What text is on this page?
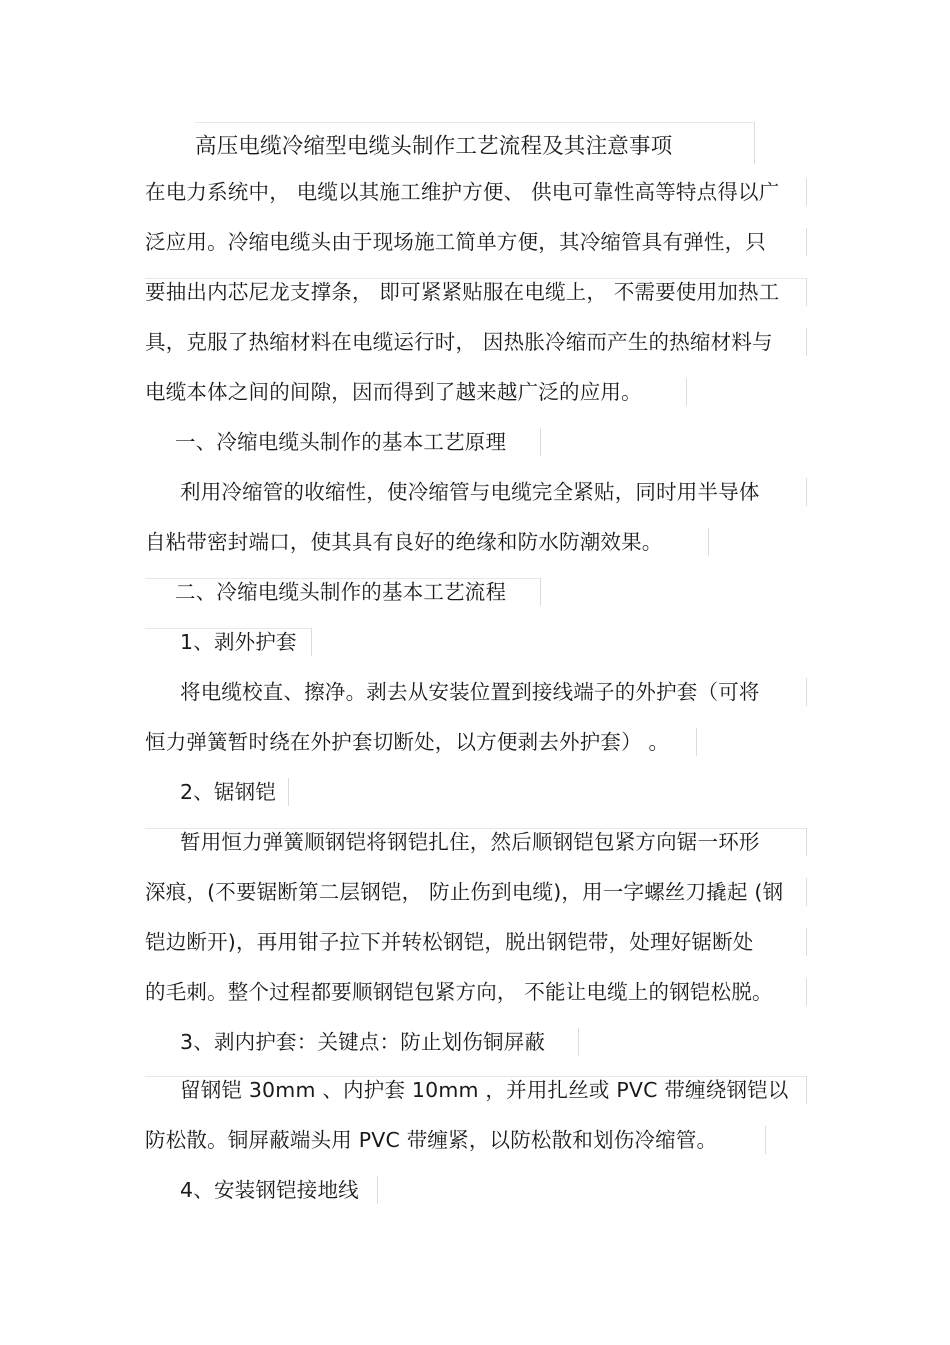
高压电缆冷缩型电缆头制作工艺流程及其注意事项
在电力系统中， 电缆以其施工维护方便、 供电可靠性高等特点得以广
泛应用。冷缩电缆头由于现场施工简单方便，其冷缩管具有弹性，只
要抽出内芯尼龙支撑条， 即可紧紧贴服在电缆上， 不需要使用加热工
具，克服了热缩材料在电缆运行时， 因热胀冷缩而产生的热缩材料与
电缆本体之间的间隙，因而得到了越来越广泛的应用。
一、冷缩电缆头制作的基本工艺原理
利用冷缩管的收缩性，使冷缩管与电缆完全紧贴，同时用半导体
自粘带密封端口，使其具有良好的绝缘和防水防潮效果。
二、冷缩电缆头制作的基本工艺流程
1、剥外护套
将电缆校直、擦净。剥去从安装位置到接线端子的外护套（可将
恒力弹簧暂时绕在外护套切断处，以方便剥去外护套） 。
2、锯钢铠
暂用恒力弹簧顺钢铠将钢铠扎住，然后顺钢铠包紧方向锯一环形
深痕，(不要锯断第二层钢铠， 防止伤到电缆)，用一字螺丝刀撬起 (钢
铠边断开)，再用钳子拉下并转松钢铠，脱出钢铠带，处理好锯断处
的毛刺。整个过程都要顺钢铠包紧方向， 不能让电缆上的钢铠松脱。
3、剥内护套：关键点：防止划伤铜屏蔽
留钢铠 30mm 、内护套 10mm ，并用扎丝或 PVC 带缠绕钢铠以
防松散。铜屏蔽端头用 PVC 带缠紧，以防松散和划伤冷缩管。
4、安装钢铠接地线
